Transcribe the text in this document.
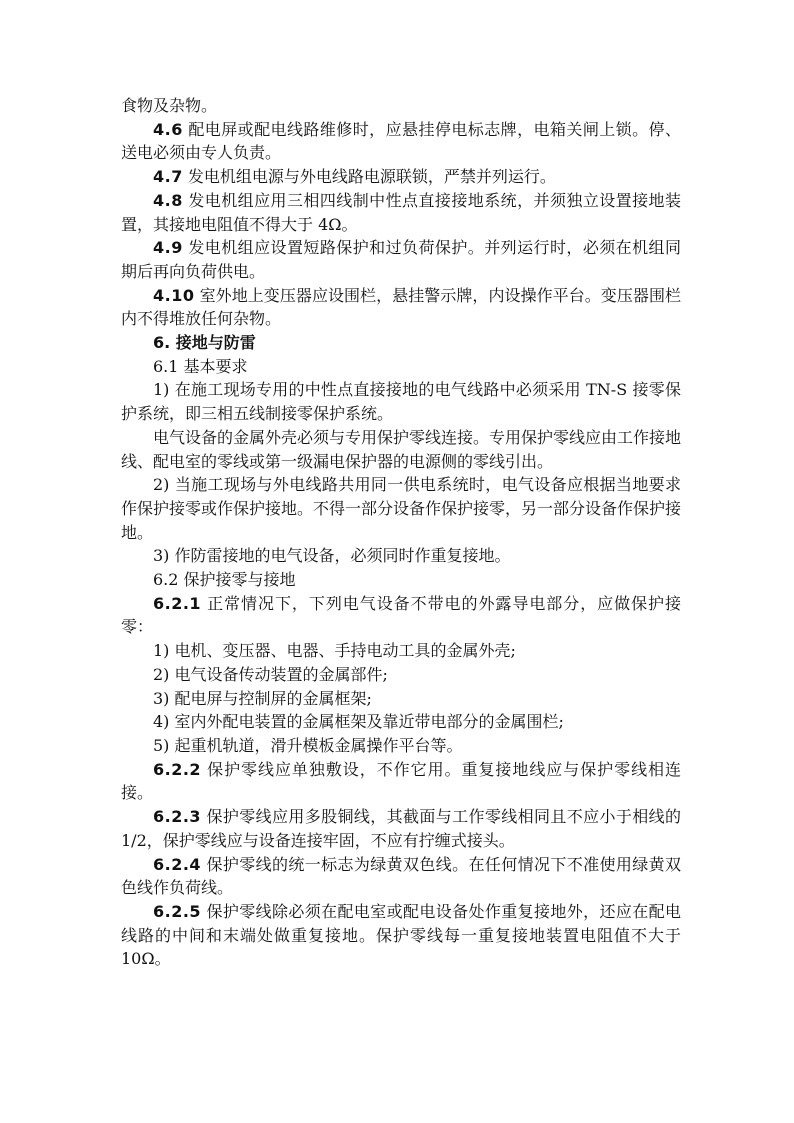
食物及杂物。

4.6 配电屏或配电线路维修时，应悬挂停电标志牌，电箱关闸上锁。停、送电必须由专人负责。

4.7 发电机组电源与外电线路电源联锁，严禁并列运行。

4.8 发电机组应用三相四线制中性点直接接地系统，并须独立设置接地装置，其接地电阻值不得大于 4Ω。

4.9 发电机组应设置短路保护和过负荷保护。并列运行时，必须在机组同期后再向负荷供电。

4.10 室外地上变压器应设围栏，悬挂警示牌，内设操作平台。变压器围栏内不得堆放任何杂物。

6. 接地与防雷

6.1 基本要求

1) 在施工现场专用的中性点直接接地的电气线路中必须采用 TN-S 接零保护系统，即三相五线制接零保护系统。

电气设备的金属外壳必须与专用保护零线连接。专用保护零线应由工作接地线、配电室的零线或第一级漏电保护器的电源侧的零线引出。

2) 当施工现场与外电线路共用同一供电系统时，电气设备应根据当地要求作保护接零或作保护接地。不得一部分设备作保护接零，另一部分设备作保护接地。

3) 作防雷接地的电气设备，必须同时作重复接地。

6.2 保护接零与接地

6.2.1 正常情况下，下列电气设备不带电的外露导电部分，应做保护接零：

1) 电机、变压器、电器、手持电动工具的金属外壳;

2) 电气设备传动装置的金属部件;

3) 配电屏与控制屏的金属框架;

4) 室内外配电装置的金属框架及靠近带电部分的金属围栏;

5) 起重机轨道，滑升模板金属操作平台等。

6.2.2 保护零线应单独敷设，不作它用。重复接地线应与保护零线相连接。

6.2.3 保护零线应用多股铜线，其截面与工作零线相同且不应小于相线的 1/2，保护零线应与设备连接牢固，不应有拧缠式接头。

6.2.4 保护零线的统一标志为绿黄双色线。在任何情况下不准使用绿黄双色线作负荷线。

6.2.5 保护零线除必须在配电室或配电设备处作重复接地外，还应在配电线路的中间和末端处做重复接地。保护零线每一重复接地装置电阻值不大于 10Ω。
